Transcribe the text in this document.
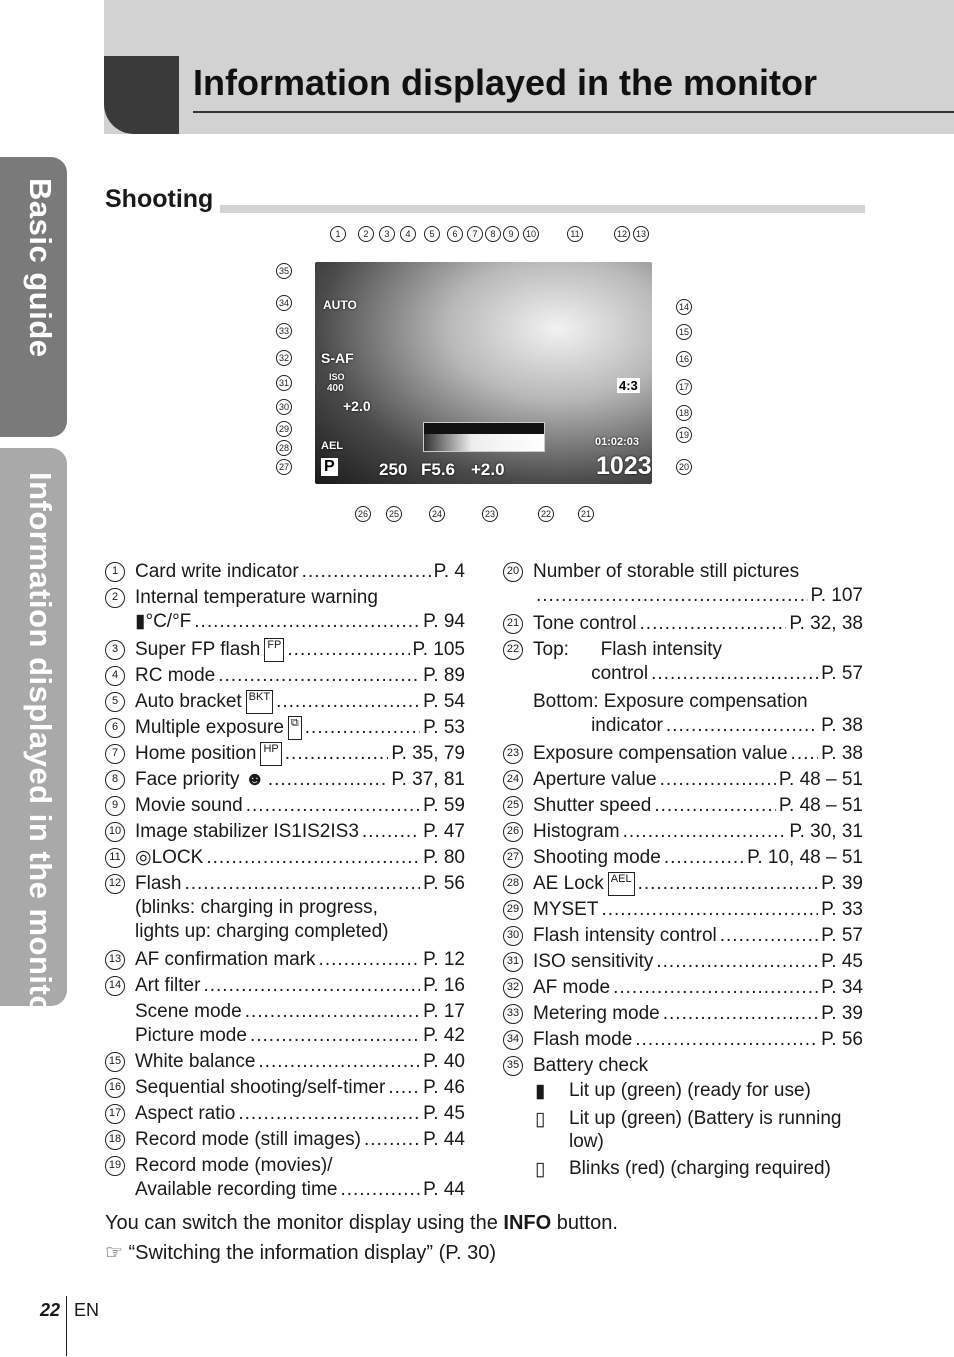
Information displayed in the monitor
Basic guide
Information displayed in the monitor
Shooting
AUTO
S-AF
ISO
400
+2.0
AEL
P	250 F5.6 +2.0
4:3
01:02:03
1023
1	2	3	4	5	6	7	8	9	10	11	12 13
14
15
16
17
18
19
20
21
22
23
24
25
26
27
28
29
30
31
32
33
34
35
1 Card write indicator .....	P. 4
2 Internal temperature warning
▮ °C/°F .....	P. 94
3 Super FP flash FP .....	P. 105
4 RC mode .....	P. 89
5 Auto bracket BKT .....	P. 54
6 Multiple exposure ⧉ .....	P. 53
7 Home position HP .....	P. 35, 79
8 Face priority ☻ .....	P. 37, 81
9 Movie sound .....	P. 59
10 Image stabilizer IS1IS2IS3 .....	P. 47
11 ◎LOCK .....	P. 80
12 Flash .....	P. 56
(blinks: charging in progress,
lights up: charging completed)
13 AF confirmation mark .....	P. 12
14 Art filter .....	P. 16
Scene mode .....	P. 17
Picture mode .....	P. 42
15 White balance .....	P. 40
16 Sequential shooting/self-timer ..... P. 46
17 Aspect ratio .....	P. 45
18 Record mode (still images) .....	P. 44
19 Record mode (movies)/
Available recording time .....	P. 44
20 Number of storable still pictures
.....
P. 107
21 Tone control .....	P. 32, 38
22 Top:      Flash intensity
control .....	P. 57
Bottom: Exposure compensation
indicator .....	P. 38
23 Exposure compensation value ..... P. 38
24 Aperture value .....	P. 48 – 51
25 Shutter speed .....	P. 48 – 51
26 Histogram .....	P. 30, 31
27 Shooting mode .....	P. 10, 48 – 51
28 AE Lock AEL .....	P. 39
29 MYSET .....	P. 33
30 Flash intensity control .....	P. 57
31 ISO sensitivity .....	P. 45
32 AF mode .....	P. 34
33 Metering mode .....	P. 39
34 Flash mode .....	P. 56
35 Battery check
▮ Lit up (green) (ready for use)
▯ Lit up (green) (Battery is running
low)
▯ Blinks (red) (charging required)
You can switch the monitor display using the INFO button.
☞ “Switching the information display” (P. 30)
22 EN
